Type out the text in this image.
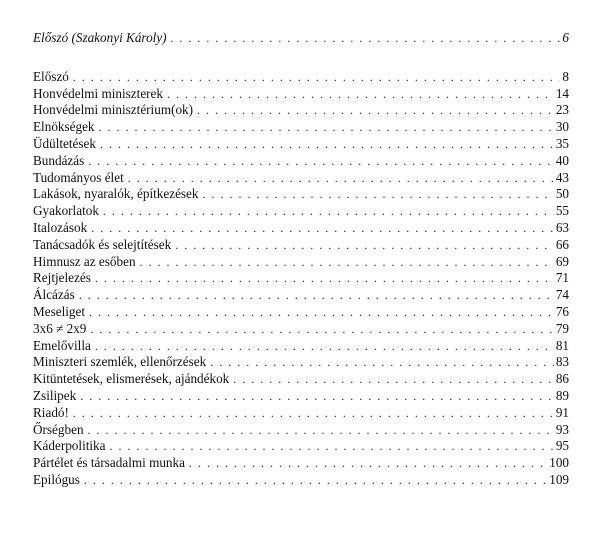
Előszó (Szakonyi Károly) . . .	6
Előszó . . .	8
Honvédelmi miniszterek . . .	14
Honvédelmi minisztérium(ok) . . .	23
Elnökségek . . .	30
Üdültetések . . .	35
Bundázás . . .	40
Tudományos élet . . .	43
Lakások, nyaralók, építkezések . . .	50
Gyakorlatok . . .	55
Italozások . . .	63
Tanácsadók és selejtítések . . .	66
Himnusz az esőben . . .	69
Rejtjelezés . . .	71
Álcázás . . .	74
Meseliget . . .	76
3x6 ≠ 2x9 . . .	79
Emelővilla . . .	81
Miniszteri szemlék, ellenőrzések . . .	83
Kitüntetések, elismerések, ajándékok . . .	86
Zsilipek . . .	89
Riadó! . . .	91
Őrségben . . .	93
Káderpolitika . . .	95
Pártélet és társadalmi munka . . .	100
Epilógus . . .	109
